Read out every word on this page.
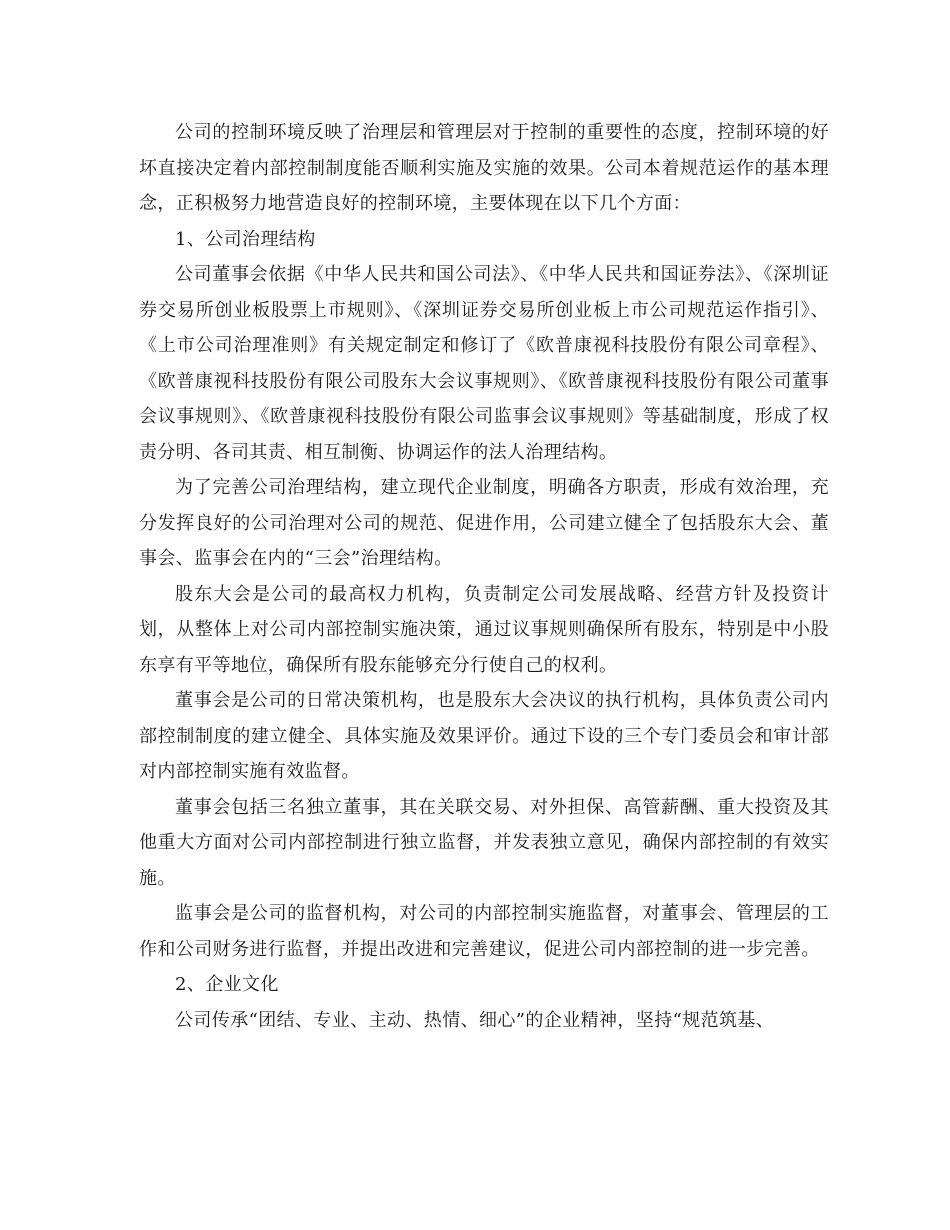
公司的控制环境反映了治理层和管理层对于控制的重要性的态度，控制环境的好坏直接决定着内部控制制度能否顺利实施及实施的效果。公司本着规范运作的基本理念，正积极努力地营造良好的控制环境，主要体现在以下几个方面：

1、公司治理结构

公司董事会依据《中华人民共和国公司法》、《中华人民共和国证券法》、《深圳证券交易所创业板股票上市规则》、《深圳证券交易所创业板上市公司规范运作指引》、《上市公司治理准则》有关规定制定和修订了《欧普康视科技股份有限公司章程》、《欧普康视科技股份有限公司股东大会议事规则》、《欧普康视科技股份有限公司董事会议事规则》、《欧普康视科技股份有限公司监事会议事规则》等基础制度，形成了权责分明、各司其责、相互制衡、协调运作的法人治理结构。

为了完善公司治理结构，建立现代企业制度，明确各方职责，形成有效治理，充分发挥良好的公司治理对公司的规范、促进作用，公司建立健全了包括股东大会、董事会、监事会在内的“三会”治理结构。

股东大会是公司的最高权力机构，负责制定公司发展战略、经营方针及投资计划，从整体上对公司内部控制实施决策，通过议事规则确保所有股东，特别是中小股东享有平等地位，确保所有股东能够充分行使自己的权利。

董事会是公司的日常决策机构，也是股东大会决议的执行机构，具体负责公司内部控制制度的建立健全、具体实施及效果评价。通过下设的三个专门委员会和审计部对内部控制实施有效监督。

董事会包括三名独立董事，其在关联交易、对外担保、高管薪酬、重大投资及其他重大方面对公司内部控制进行独立监督，并发表独立意见，确保内部控制的有效实施。

监事会是公司的监督机构，对公司的内部控制实施监督，对董事会、管理层的工作和公司财务进行监督，并提出改进和完善建议，促进公司内部控制的进一步完善。

2、企业文化

公司传承“团结、专业、主动、热情、细心”的企业精神，坚持“规范筑基、
